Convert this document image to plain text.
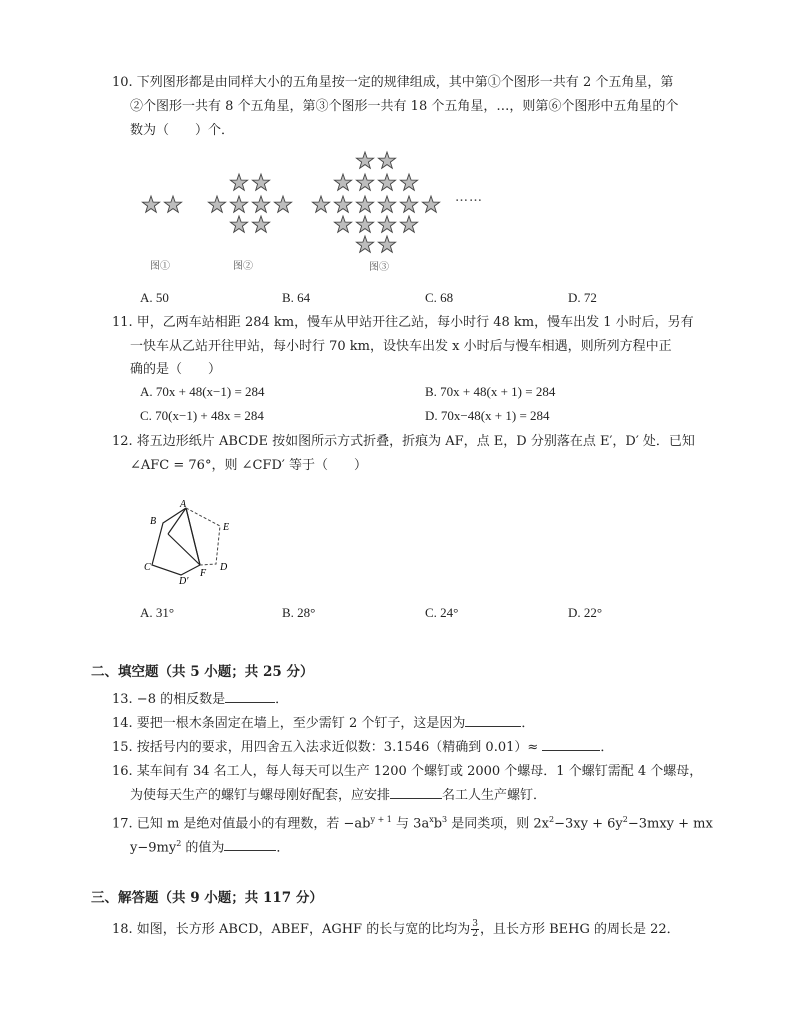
10. 下列图形都是由同样大小的五角星按一定的规律组成，其中第①个图形一共有 2 个五角星，第
②个图形一共有 8 个五角星，第③个图形一共有 18 个五角星，…，则第⑥个图形中五角星的个
数为（　　）个．
……
图①	图②	图③
A. 50	B. 64	C. 68	D. 72
11. 甲，乙两车站相距 284 km，慢车从甲站开往乙站，每小时行 48 km，慢车出发 1 小时后，另有
一快车从乙站开往甲站，每小时行 70 km，设快车出发 x 小时后与慢车相遇，则所列方程中正
确的是（　　）
A. 70x + 48(x−1) = 284	B. 70x + 48(x + 1) = 284
C. 70(x−1) + 48x = 284	D. 70x−48(x + 1) = 284
12. 将五边形纸片 ABCDE 按如图所示方式折叠，折痕为 AF，点 E，D 分别落在点 E′，D′ 处．已知
∠AFC = 76°，则 ∠CFD′ 等于（　　）
A
B
C
D′
F
D
E
A. 31°	B. 28°	C. 24°	D. 22°
二、填空题（共 5 小题；共 25 分）
13. −8 的相反数是	．
14. 要把一根木条固定在墙上，至少需钉 2 个钉子，这是因为	．
15. 按括号内的要求，用四舍五入法求近似数：3.1546（精确到 0.01）≈	．
16. 某车间有 34 名工人，每人每天可以生产 1200 个螺钉或 2000 个螺母．1 个螺钉需配 4 个螺母，
为使每天生产的螺钉与螺母刚好配套，应安排	名工人生产螺钉．
17. 已知 m 是绝对值最小的有理数，若 $-ab^{y + 1}$ 与 $3a^xb^3$ 是同类项，则 $2x^2-3xy + 6y^2-3mxy$ + mx
$y-9my^2$ 的值为	．
三、解答题（共 9 小题；共 117 分）
18. 如图，长方形 ABCD，ABEF，AGHF 的长与宽的比均为 $\frac{3}{2}$ ，且长方形 BEHG 的周长是 22．
